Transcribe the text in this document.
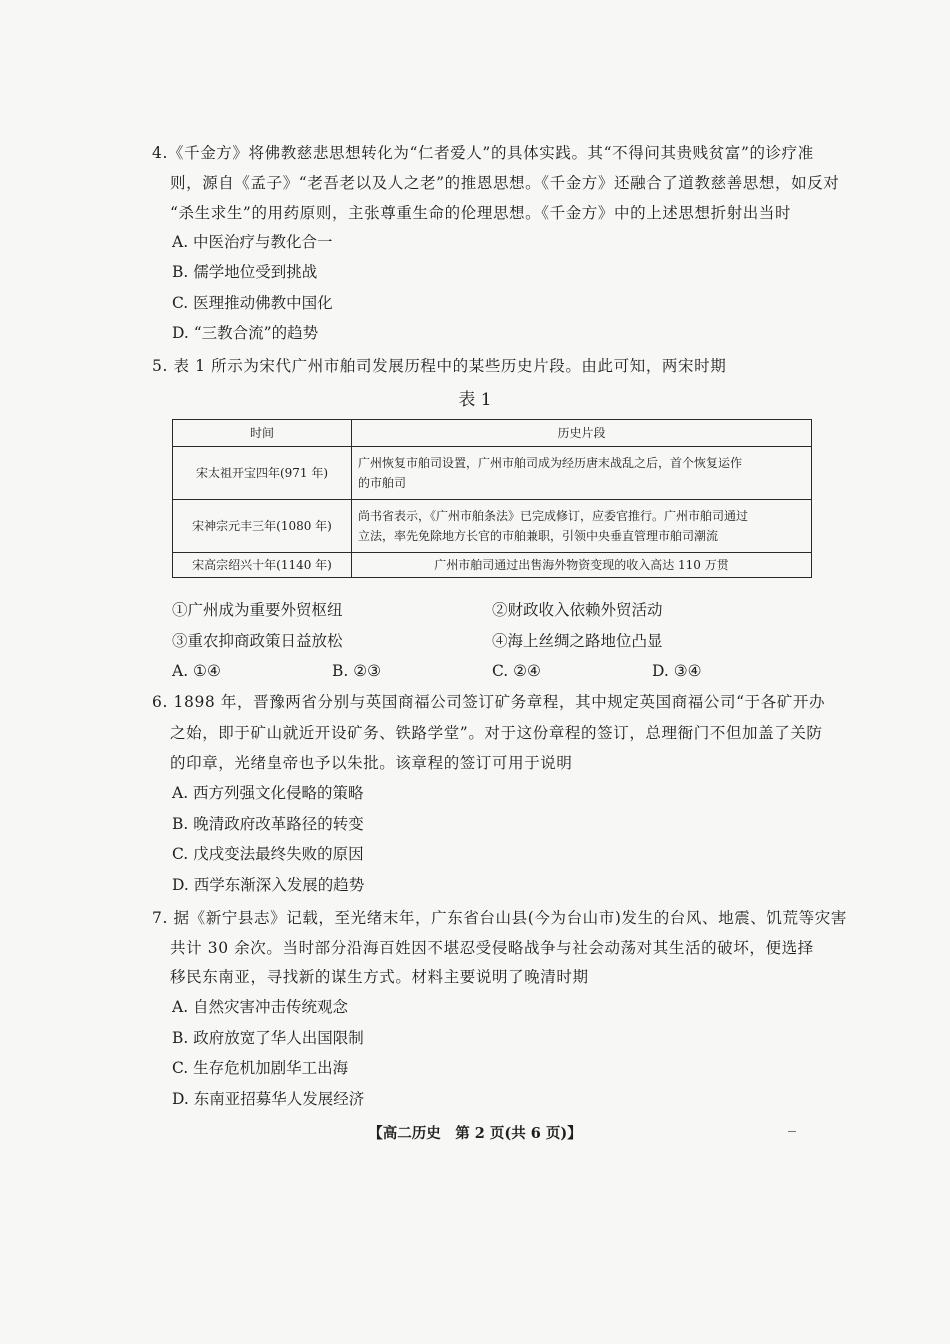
4.《千金方》将佛教慈悲思想转化为“仁者爱人”的具体实践。其“不得问其贵贱贫富”的诊疗准
则，源自《孟子》“老吾老以及人之老”的推恩思想。《千金方》还融合了道教慈善思想，如反对
“杀生求生”的用药原则，主张尊重生命的伦理思想。《千金方》中的上述思想折射出当时
A. 中医治疗与教化合一
B. 儒学地位受到挑战
C. 医理推动佛教中国化
D. “三教合流”的趋势
5. 表 1 所示为宋代广州市舶司发展历程中的某些历史片段。由此可知，两宋时期
表 1
时间	历史片段
宋太祖开宝四年(971 年)	广州恢复市舶司设置，广州市舶司成为经历唐末战乱之后，首个恢复运作
的市舶司

宋神宗元丰三年(1080 年)	尚书省表示，《广州市舶条法》已完成修订，应委官推行。广州市舶司通过
立法，率先免除地方长官的市舶兼职，引领中央垂直管理市舶司潮流

宋高宗绍兴十年(1140 年)	广州市舶司通过出售海外物资变现的收入高达 110 万贯
①广州成为重要外贸枢纽	②财政收入依赖外贸活动
③重农抑商政策日益放松	④海上丝绸之路地位凸显
A. ①④	B. ②③	C. ②④	D. ③④
6. 1898 年，晋豫两省分别与英国商福公司签订矿务章程，其中规定英国商福公司“于各矿开办
之始，即于矿山就近开设矿务、铁路学堂”。对于这份章程的签订，总理衙门不但加盖了关防
的印章，光绪皇帝也予以朱批。该章程的签订可用于说明
A. 西方列强文化侵略的策略
B. 晚清政府改革路径的转变
C. 戊戌变法最终失败的原因
D. 西学东渐深入发展的趋势
7. 据《新宁县志》记载，至光绪末年，广东省台山县(今为台山市)发生的台风、地震、饥荒等灾害
共计 30 余次。当时部分沿海百姓因不堪忍受侵略战争与社会动荡对其生活的破坏，便选择
移民东南亚，寻找新的谋生方式。材料主要说明了晚清时期
A. 自然灾害冲击传统观念
B. 政府放宽了华人出国限制
C. 生存危机加剧华工出海
D. 东南亚招募华人发展经济
【高二历史　第 2 页(共 6 页)】
